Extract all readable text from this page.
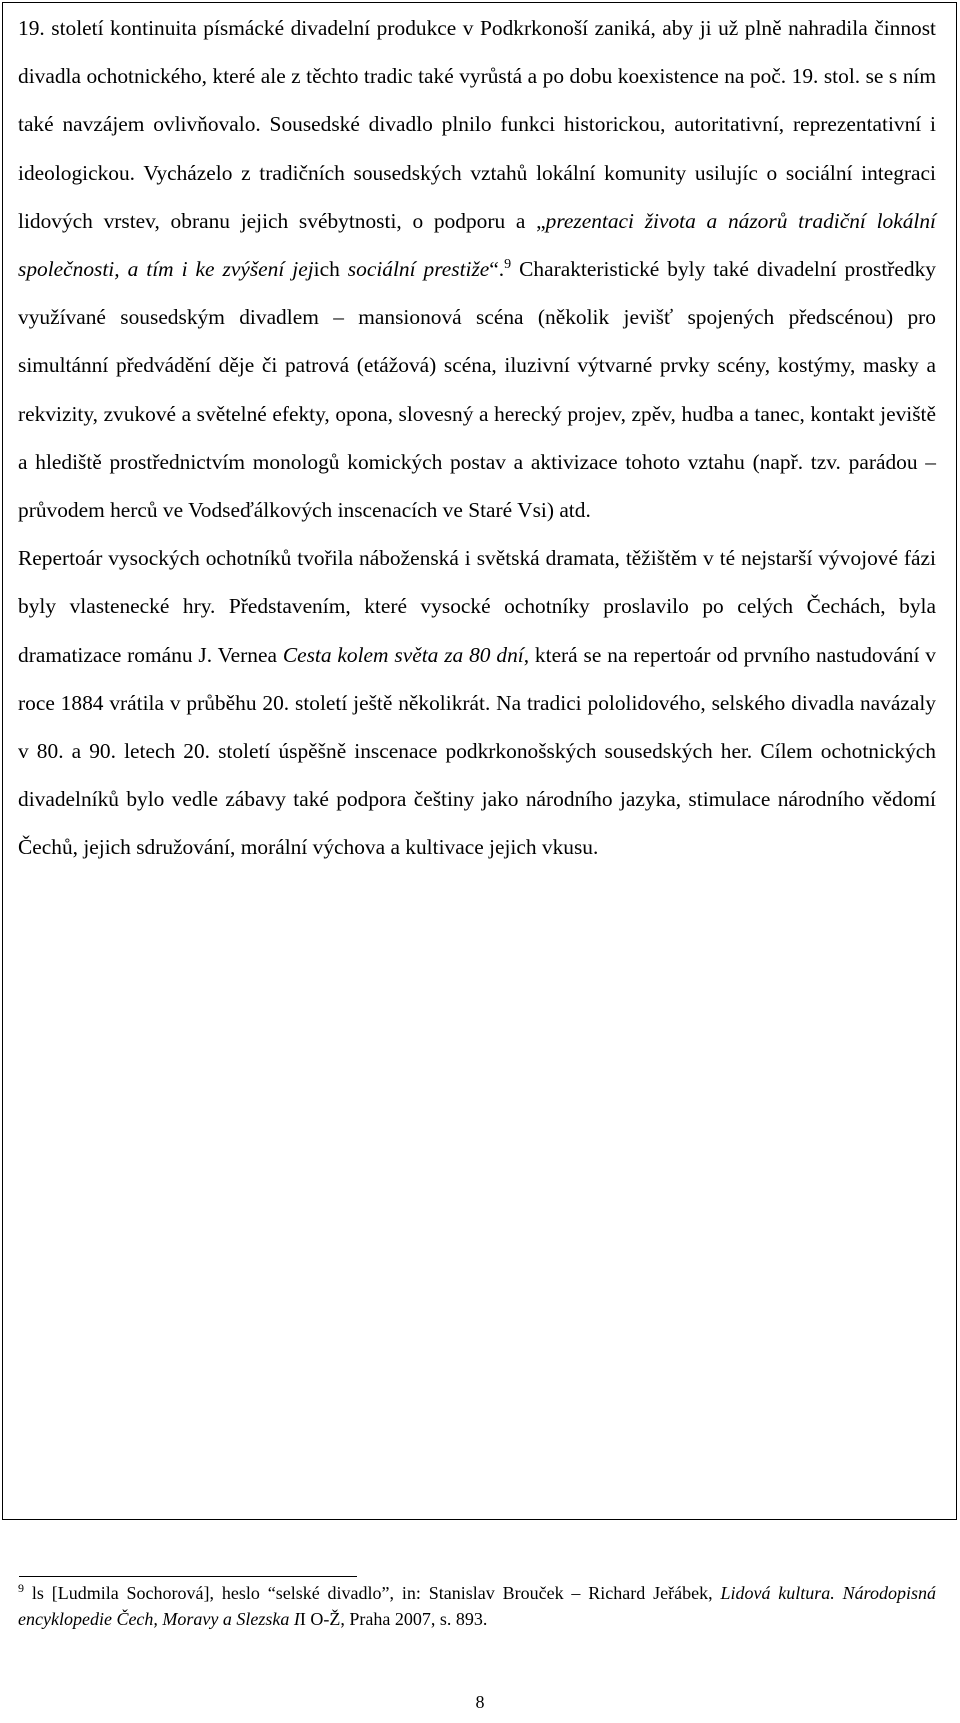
19. století kontinuita písmácké divadelní produkce v Podkrkonoší zaniká, aby ji už plně nahradila činnost divadla ochotnického, které ale z těchto tradic také vyrůstá a po dobu koexistence na poč. 19. stol. se s ním také navzájem ovlivňovalo. Sousedské divadlo plnilo funkci historickou, autoritativní, reprezentativní i ideologickou. Vycházelo z tradičních sousedských vztahů lokální komunity usilujíc o sociální integraci lidových vrstev, obranu jejich svébytnosti, o podporu a „prezentaci života a názorů tradiční lokální společnosti, a tím i ke zvýšení jejich sociální prestiže“.$^9$ Charakteristické byly také divadelní prostředky využívané sousedským divadlem – mansionová scéna (několik jevišť spojených předscénou) pro simultánní předvádění děje či patrová (etážová) scéna, iluzivní výtvarné prvky scény, kostýmy, masky a rekvizity, zvukové a světelné efekty, opona, slovesný a herecký projev, zpěv, hudba a tanec, kontakt jeviště a hlediště prostřednictvím monologů komických postav a aktivizace tohoto vztahu (např. tzv. parádou – průvodem herců ve Vodseďálkových inscenacích ve Staré Vsi) atd.

Repertoár vysockých ochotníků tvořila náboženská i světská dramata, těžištěm v té nejstarší vývojové fázi byly vlastenecké hry. Představením, které vysocké ochotníky proslavilo po celých Čechách, byla dramatizace románu J. Vernea Cesta kolem světa za 80 dní, která se na repertoár od prvního nastudování v roce 1884 vrátila v průběhu 20. století ještě několikrát. Na tradici pololidového, selského divadla navázaly v 80. a 90. letech 20. století úspěšně inscenace podkrkonošských sousedských her. Cílem ochotnických divadelníků bylo vedle zábavy také podpora češtiny jako národního jazyka, stimulace národního vědomí Čechů, jejich sdružování, morální výchova a kultivace jejich vkusu.

$^9$ ls [Ludmila Sochorová], heslo “selské divadlo”, in: Stanislav Brouček – Richard Jeřábek, Lidová kultura. Národopisná encyklopedie Čech, Moravy a Slezska II O-Ž, Praha 2007, s. 893.

8
